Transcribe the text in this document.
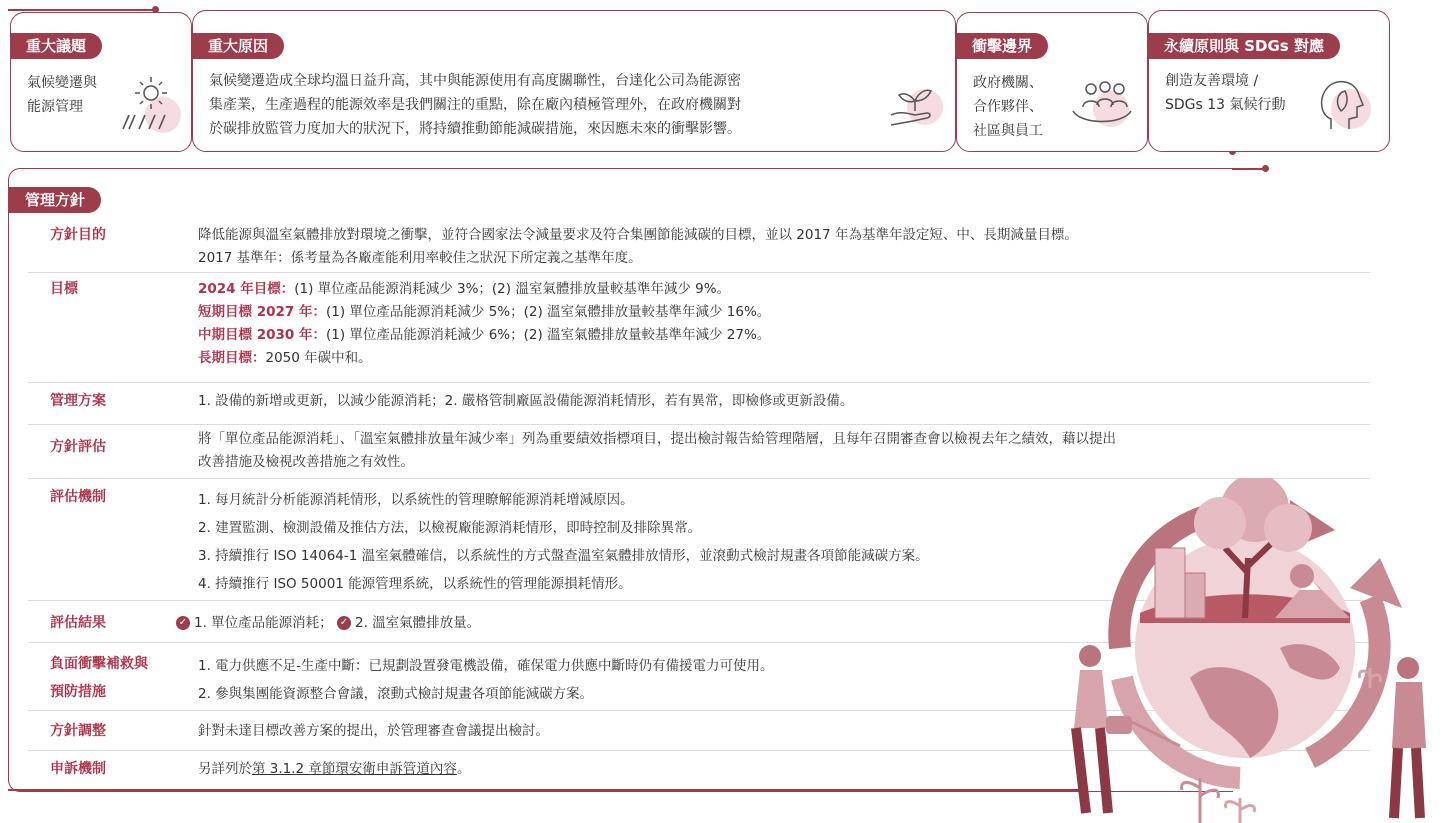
重大議題
氣候變遷與
能源管理
重大原因
氣候變遷造成全球均溫日益升高，其中與能源使用有高度關聯性，台達化公司為能源密
集產業，生產過程的能源效率是我們關注的重點，除在廠內積極管理外，在政府機關對
於碳排放監管力度加大的狀況下，將持續推動節能減碳措施，來因應未來的衝擊影響。
衝擊邊界
政府機關、
合作夥伴、
社區與員工
永續原則與 SDGs 對應
創造友善環境 /
SDGs 13 氣候行動
管理方針
方針目的	降低能源與溫室氣體排放對環境之衝擊，並符合國家法令減量要求及符合集團節能減碳的目標，並以 2017 年為基準年設定短、中、長期減量目標。
2017 基準年：係考量為各廠產能利用率較佳之狀況下所定義之基準年度。
目標	2024 年目標：(1) 單位產品能源消耗減少 3%；(2) 溫室氣體排放量較基準年減少 9%。
短期目標 2027 年：(1) 單位產品能源消耗減少 5%；(2) 溫室氣體排放量較基準年減少 16%。
中期目標 2030 年：(1) 單位產品能源消耗減少 6%；(2) 溫室氣體排放量較基準年減少 27%。
長期目標：2050 年碳中和。
管理方案	1. 設備的新增或更新，以減少能源消耗；2. 嚴格管制廠區設備能源消耗情形，若有異常，即檢修或更新設備。
方針評估	將「單位產品能源消耗」、「溫室氣體排放量年減少率」列為重要績效指標項目，提出檢討報告給管理階層，且每年召開審查會以檢視去年之績效，藉以提出
改善措施及檢視改善措施之有效性。
評估機制	1. 每月統計分析能源消耗情形，以系統性的管理瞭解能源消耗增減原因。
2. 建置監測、檢測設備及推估方法，以檢視廠能源消耗情形，即時控制及排除異常。
3. 持續推行 ISO 14064-1 溫室氣體確信，以系統性的方式盤查溫室氣體排放情形，並滾動式檢討規畫各項節能減碳方案。
4. 持續推行 ISO 50001 能源管理系統，以系統性的管理能源損耗情形。
評估結果	✓ 1. 單位產品能源消耗； ✓ 2. 溫室氣體排放量。
負面衝擊補救與
預防措施
1. 電力供應不足-生產中斷：已規劃設置發電機設備，確保電力供應中斷時仍有備援電力可使用。
2. 參與集團能資源整合會議，滾動式檢討規畫各項節能減碳方案。
方針調整	針對未達目標改善方案的提出，於管理審查會議提出檢討。
申訴機制	另詳列於第 3.1.2 章節環安衛申訴管道內容。
